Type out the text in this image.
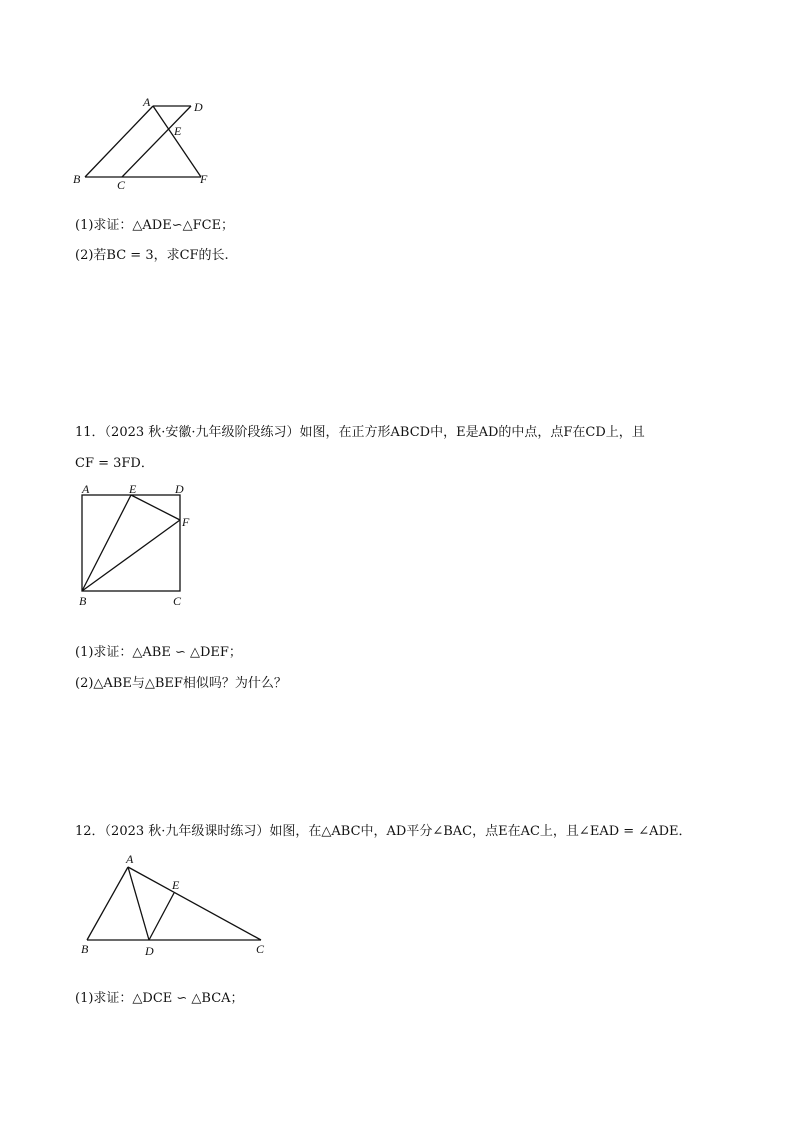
A	D
E
B	C	F
(1)求证：△ADE∽△FCE；
(2)若BC = 3，求CF的长.
11．（2023 秋·安徽·九年级阶段练习）如图，在正方形ABCD中，E是AD的中点，点F在CD上，且
CF = 3FD．
A	E	D
F
B	C
(1)求证：△ABE ∽ △DEF；
(2)△ABE与△BEF相似吗？为什么？
12．（2023 秋·九年级课时练习）如图，在△ABC中，AD平分∠BAC，点E在AC上，且∠EAD = ∠ADE．
A
E
B	D	C
(1)求证：△DCE ∽ △BCA；
